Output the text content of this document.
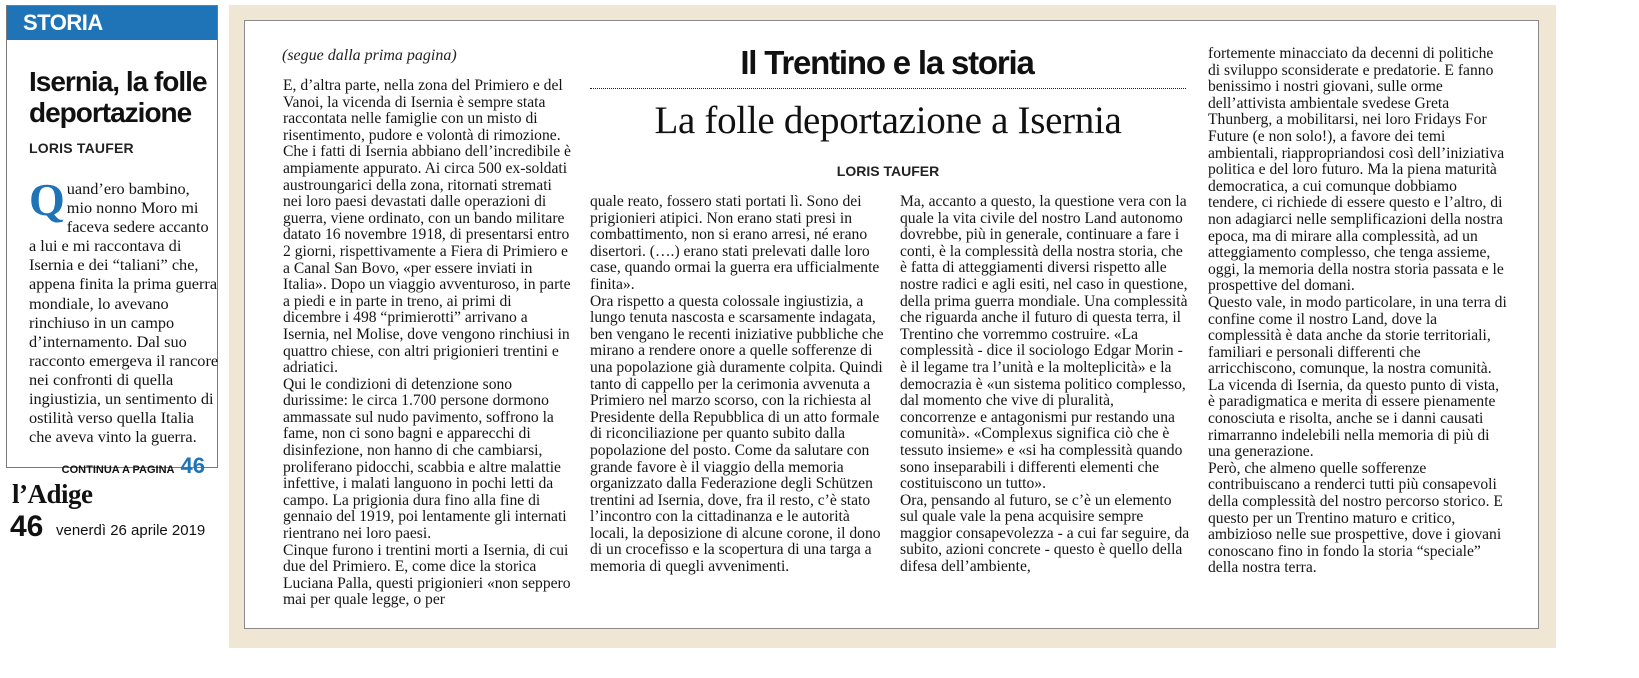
STORIA
Isernia, la folle deportazione
LORIS TAUFER

Quand’ero bambino, mio nonno Moro mi faceva sedere accanto a lui e mi raccontava di Isernia e dei “taliani” che, appena finita la prima guerra mondiale, lo avevano rinchiuso in un campo d’internamento. Dal suo racconto emergeva il rancore nei confronti di quella ingiustizia, un sentimento di ostilità verso quella Italia che aveva vinto la guerra.

CONTINUA A PAGINA 46
l’Adige
46 venerdì 26 aprile 2019
(segue dalla prima pagina)	Il Trentino e la storia
La folle deportazione a Isernia
LORIS TAUFER

E, d’altra parte, nella zona del Primiero e del Vanoi, la vicenda di Isernia è sempre stata raccontata nelle famiglie con un misto di risentimento, pudore e volontà di rimozione. Che i fatti di Isernia abbiano dell’incredibile è ampiamente appurato. Ai circa 500 ex-soldati austroungarici della zona, ritornati stremati nei loro paesi devastati dalle operazioni di guerra, viene ordinato, con un bando militare datato 16 novembre 1918, di presentarsi entro 2 giorni, rispettivamente a Fiera di Primiero e a Canal San Bovo, «per essere inviati in Italia». Dopo un viaggio avventuroso, in parte a piedi e in parte in treno, ai primi di dicembre i 498 “primierotti” arrivano a Isernia, nel Molise, dove vengono rinchiusi in quattro chiese, con altri prigionieri trentini e adriatici.

Qui le condizioni di detenzione sono durissime: le circa 1.700 persone dormono ammassate sul nudo pavimento, soffrono la fame, non ci sono bagni e apparecchi di disinfezione, non hanno di che cambiarsi, proliferano pidocchi, scabbia e altre malattie infettive, i malati languono in pochi letti da campo. La prigionia dura fino alla fine di gennaio del 1919, poi lentamente gli internati rientrano nei loro paesi.

Cinque furono i trentini morti a Isernia, di cui due del Primiero. E, come dice la storica Luciana Palla, questi prigionieri «non seppero mai per quale legge, o per

quale reato, fossero stati portati lì. Sono dei prigionieri atipici. Non erano stati presi in combattimento, non si erano arresi, né erano disertori. (….) erano stati prelevati dalle loro case, quando ormai la guerra era ufficialmente finita».

Ora rispetto a questa colossale ingiustizia, a lungo tenuta nascosta e scarsamente indagata, ben vengano le recenti iniziative pubbliche che mirano a rendere onore a quelle sofferenze di una popolazione già duramente colpita. Quindi tanto di cappello per la cerimonia avvenuta a Primiero nel marzo scorso, con la richiesta al Presidente della Repubblica di un atto formale di riconciliazione per quanto subito dalla popolazione del posto. Come da salutare con grande favore è il viaggio della memoria organizzato dalla Federazione degli Schützen trentini ad Isernia, dove, fra il resto, c’è stato l’incontro con la cittadinanza e le autorità locali, la deposizione di alcune corone, il dono di un crocefisso e la scopertura di una targa a memoria di quegli avvenimenti.

Ma, accanto a questo, la questione vera con la quale la vita civile del nostro Land autonomo dovrebbe, più in generale, continuare a fare i conti, è la complessità della nostra storia, che è fatta di atteggiamenti diversi rispetto alle nostre radici e agli esiti, nel caso in questione, della prima guerra mondiale. Una complessità che riguarda anche il futuro di questa terra, il Trentino che vorremmo costruire. «La complessità - dice il sociologo Edgar Morin - è il legame tra l’unità e la molteplicità» e la democrazia è «un sistema politico complesso, dal momento che vive di pluralità, concorrenze e antagonismi pur restando una comunità». «Complexus significa ciò che è tessuto insieme» e «si ha complessità quando sono inseparabili i differenti elementi che costituiscono un tutto».

Ora, pensando al futuro, se c’è un elemento sul quale vale la pena acquisire sempre maggior consapevolezza - a cui far seguire, da subito, azioni concrete - questo è quello della difesa dell’ambiente,

fortemente minacciato da decenni di politiche di sviluppo sconsiderate e predatorie. E fanno benissimo i nostri giovani, sulle orme dell’attivista ambientale svedese Greta Thunberg, a mobilitarsi, nei loro Fridays For Future (e non solo!), a favore dei temi ambientali, riappropriandosi così dell’iniziativa politica e del loro futuro. Ma la piena maturità democratica, a cui comunque dobbiamo tendere, ci richiede di essere questo e l’altro, di non adagiarci nelle semplificazioni della nostra epoca, ma di mirare alla complessità, ad un atteggiamento complesso, che tenga assieme, oggi, la memoria della nostra storia passata e le prospettive del domani.

Questo vale, in modo particolare, in una terra di confine come il nostro Land, dove la complessità è data anche da storie territoriali, familiari e personali differenti che arricchiscono, comunque, la nostra comunità.

La vicenda di Isernia, da questo punto di vista, è paradigmatica e merita di essere pienamente conosciuta e risolta, anche se i danni causati rimarranno indelebili nella memoria di più di una generazione.

Però, che almeno quelle sofferenze contribuiscano a renderci tutti più consapevoli della complessità del nostro percorso storico. E questo per un Trentino maturo e critico, ambizioso nelle sue prospettive, dove i giovani conoscano fino in fondo la storia “speciale” della nostra terra.
